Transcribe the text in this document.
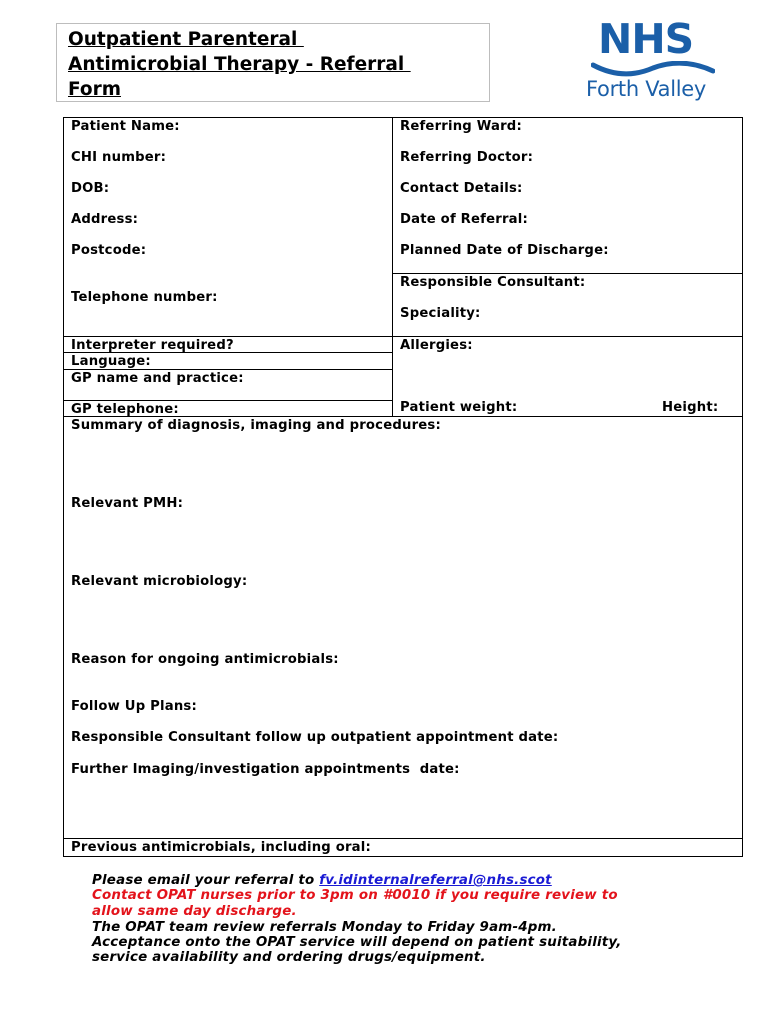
Outpatient Parenteral
Antimicrobial Therapy - Referral
Form
NHS
Forth Valley
Patient Name:
CHI number:
DOB:
Address:
Postcode:
Telephone number:
Interpreter required?
Language:
GP name and practice:
GP telephone:
Referring Ward:
Referring Doctor:
Contact Details:
Date of Referral:
Planned Date of Discharge:
Responsible Consultant:
Speciality:
Allergies:
Patient weight:	Height:
Summary of diagnosis, imaging and procedures:
Relevant PMH:
Relevant microbiology:
Reason for ongoing antimicrobials:
Follow Up Plans:
Responsible Consultant follow up outpatient appointment date:
Further Imaging/investigation appointments  date:
Previous antimicrobials, including oral:
Please email your referral to fv.idinternalreferral@nhs.scot
Contact OPAT nurses prior to 3pm on #0010 if you require review to
allow same day discharge.
The OPAT team review referrals Monday to Friday 9am-4pm.
Acceptance onto the OPAT service will depend on patient suitability,
service availability and ordering drugs/equipment.
